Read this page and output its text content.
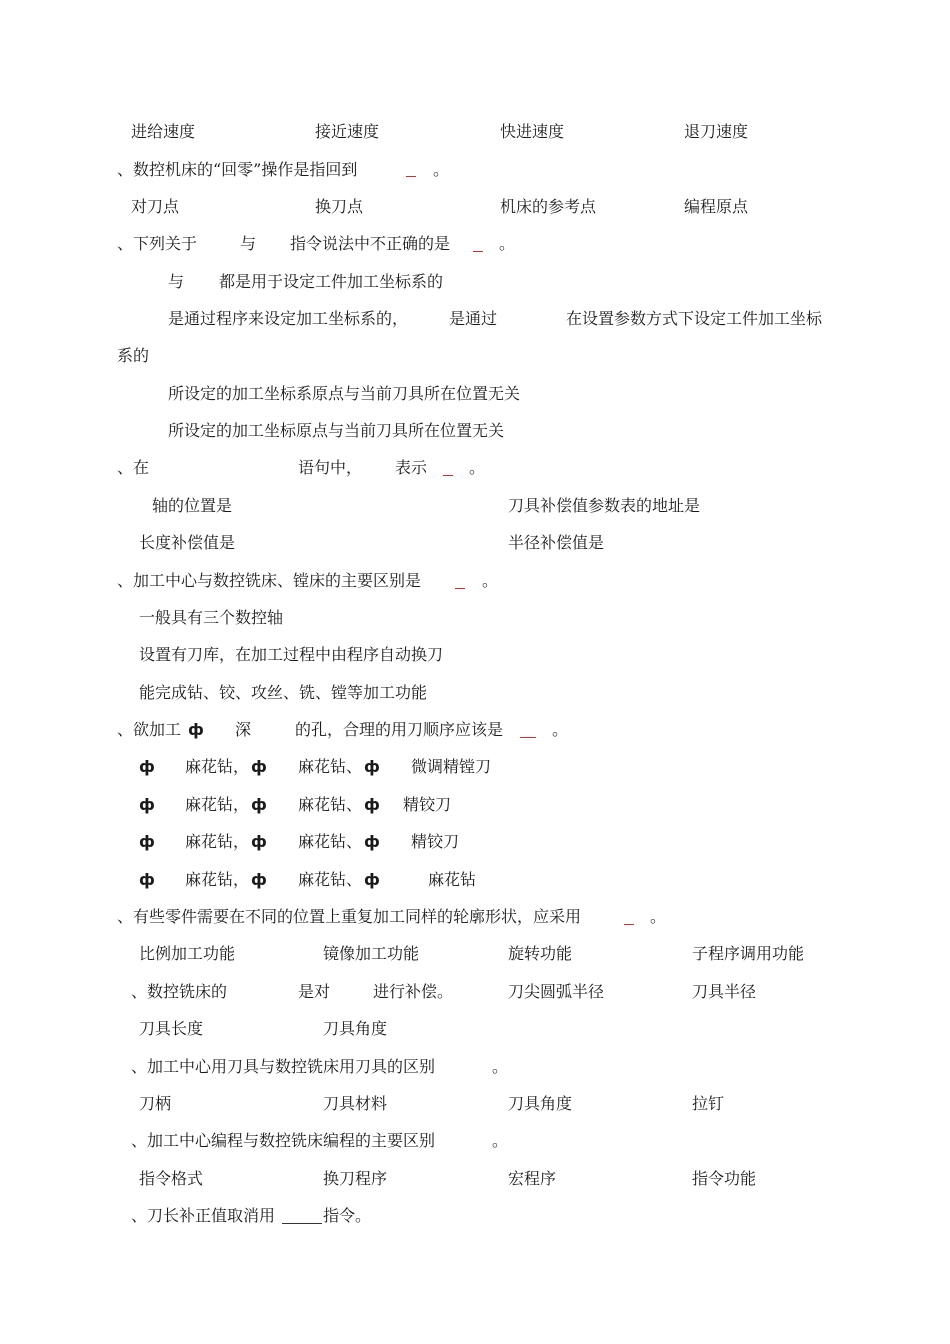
进给速度	接近速度	快进速度	退刀速度
、数控机床的“回零”操作是指回到	。
对刀点	换刀点	机床的参考点	编程原点
、下列关于	与 指令说法中不正确的是	。
与 都是用于设定工件加工坐标系的
是通过程序来设定加工坐标系的，	是通过	在设置参数方式下设定工件加工坐标
系的
所设定的加工坐标系原点与当前刀具所在位置无关
所设定的加工坐标原点与当前刀具所在位置无关
、在	语句中， 表示	。
轴的位置是	刀具补偿值参数表的地址是
长度补偿值是	半径补偿值是
、加工中心与数控铣床、镗床的主要区别是	。
一般具有三个数控轴
设置有刀库，在加工过程中由程序自动换刀
能完成钻、铰、攻丝、铣、镗等加工功能
、欲加工 ф 深	的孔，合理的用刀顺序应该是	。
ф 麻花钻， ф 麻花钻、 ф 微调精镗刀
ф 麻花钻， ф 麻花钻、 ф 精铰刀
ф 麻花钻， ф 麻花钻、 ф 精铰刀
ф 麻花钻， ф 麻花钻、 ф	麻花钻
、有些零件需要在不同的位置上重复加工同样的轮廓形状，应采用	。
比例加工功能	镜像加工功能	旋转功能	子程序调用功能
、数控铣床的	是对	进行补偿。	刀尖圆弧半径	刀具半径
刀具长度	刀具角度
、加工中心用刀具与数控铣床用刀具的区别	。
刀柄	刀具材料	刀具角度	拉钉
、加工中心编程与数控铣床编程的主要区别	。
指令格式	换刀程序	宏程序	指令功能
、刀长补正值取消用	指令。
